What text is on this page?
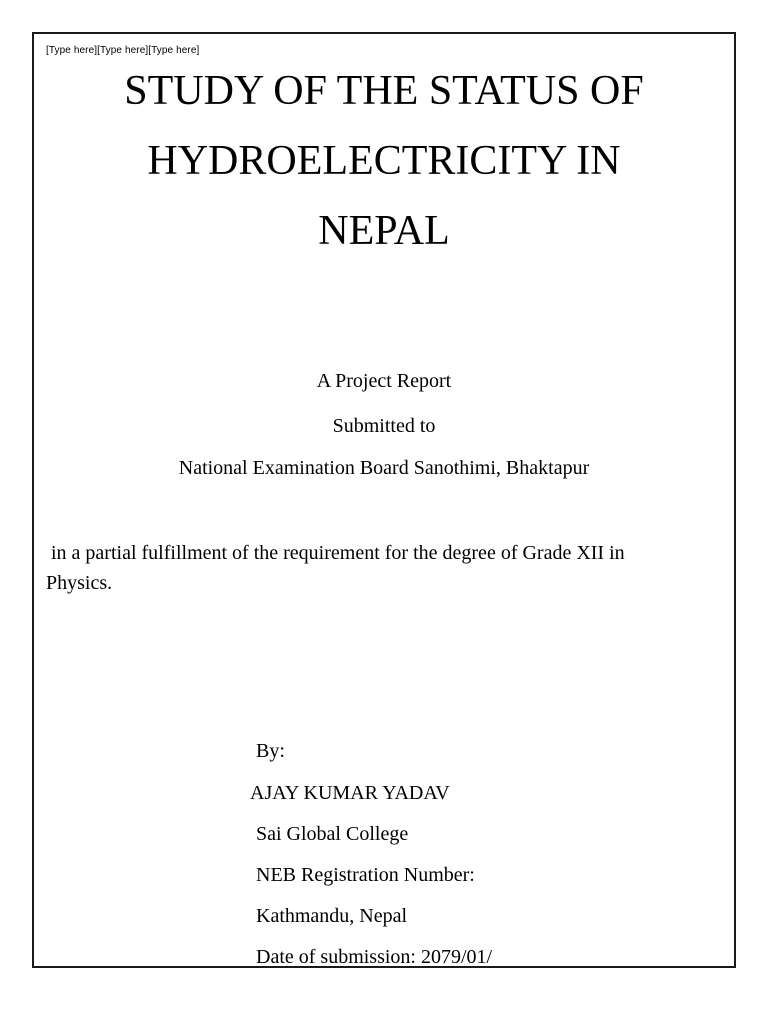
[Type here][Type here][Type here]
STUDY OF THE STATUS OF
HYDROELECTRICITY IN
NEPAL
A Project Report
Submitted to
National Examination Board Sanothimi, Bhaktapur
in a partial fulfillment of the requirement for the degree of Grade XII in
Physics.
By:
AJAY KUMAR YADAV
Sai Global College
NEB Registration Number:
Kathmandu, Nepal
Date of submission: 2079/01/
